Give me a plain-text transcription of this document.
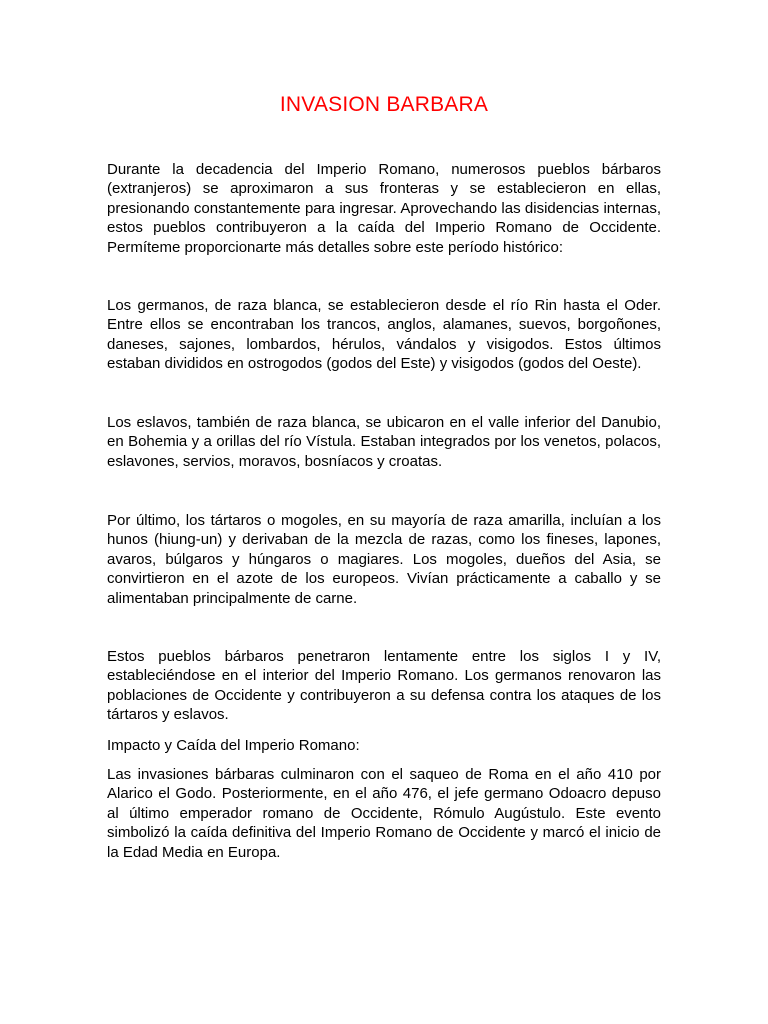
INVASION BARBARA

Durante la decadencia del Imperio Romano, numerosos pueblos bárbaros (extranjeros) se aproximaron a sus fronteras y se establecieron en ellas, presionando constantemente para ingresar. Aprovechando las disidencias internas, estos pueblos contribuyeron a la caída del Imperio Romano de Occidente. Permíteme proporcionarte más detalles sobre este período histórico:

Los germanos, de raza blanca, se establecieron desde el río Rin hasta el Oder. Entre ellos se encontraban los trancos, anglos, alamanes, suevos, borgoñones, daneses, sajones, lombardos, hérulos, vándalos y visigodos. Estos últimos estaban divididos en ostrogodos (godos del Este) y visigodos (godos del Oeste).

Los eslavos, también de raza blanca, se ubicaron en el valle inferior del Danubio, en Bohemia y a orillas del río Vístula. Estaban integrados por los venetos, polacos, eslavones, servios, moravos, bosníacos y croatas.

Por último, los tártaros o mogoles, en su mayoría de raza amarilla, incluían a los hunos (hiung-un) y derivaban de la mezcla de razas, como los fineses, lapones, avaros, búlgaros y húngaros o magiares. Los mogoles, dueños del Asia, se convirtieron en el azote de los europeos. Vivían prácticamente a caballo y se alimentaban principalmente de carne.

Estos pueblos bárbaros penetraron lentamente entre los siglos I y IV, estableciéndose en el interior del Imperio Romano. Los germanos renovaron las poblaciones de Occidente y contribuyeron a su defensa contra los ataques de los tártaros y eslavos.

Impacto y Caída del Imperio Romano:

Las invasiones bárbaras culminaron con el saqueo de Roma en el año 410 por Alarico el Godo. Posteriormente, en el año 476, el jefe germano Odoacro depuso al último emperador romano de Occidente, Rómulo Augústulo. Este evento simbolizó la caída definitiva del Imperio Romano de Occidente y marcó el inicio de la Edad Media en Europa.
